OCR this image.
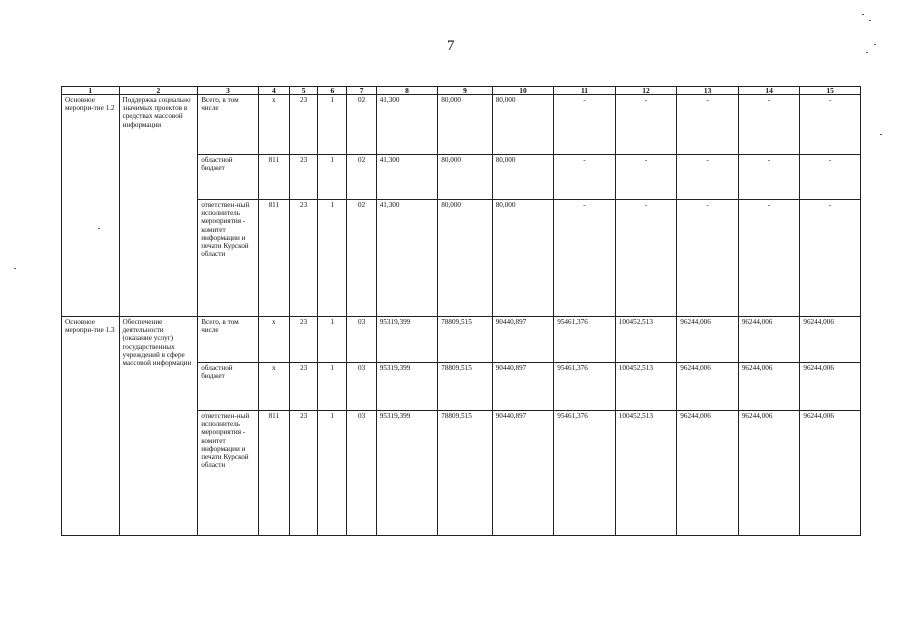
7
1	2	3	4	5	6	7	8	9	10	11	12	13	14	15
Основное меропри-тие 1.2	Поддержка социально значимых проектов в средствах массовой информации	Всего, в том числе	х	23	1	02	41,300	80,000	80,000	-	-	-	-	-
		областной бюджет	811	23	1	02	41,300	80,000	80,000	-	-	-	-	-
		ответствен-ный исполнитель мероприятия - комитет информации и печати Курской области	811	23	1	02	41,300	80,000	80,000	-	-	-	-	-
Основное меропри-тие 1.3	Обеспечение деятельности (оказание услуг) государственных учреждений в сфере массовой информации	Всего, в том числе	х	23	1	03	95319,399	78809,515	90440,897	95461,376	100452,513	96244,006	96244,006	96244,006
		областной бюджет	х	23	1	03	95319,399	78809,515	90440,897	95461,376	100452,513	96244,006	96244,006	96244,006
		ответствен-ный исполнитель мероприятия - комитет информации и печати Курской области	811	23	1	03	95319,399	78809,515	90440,897	95461,376	100452,513	96244,006	96244,006	96244,006
